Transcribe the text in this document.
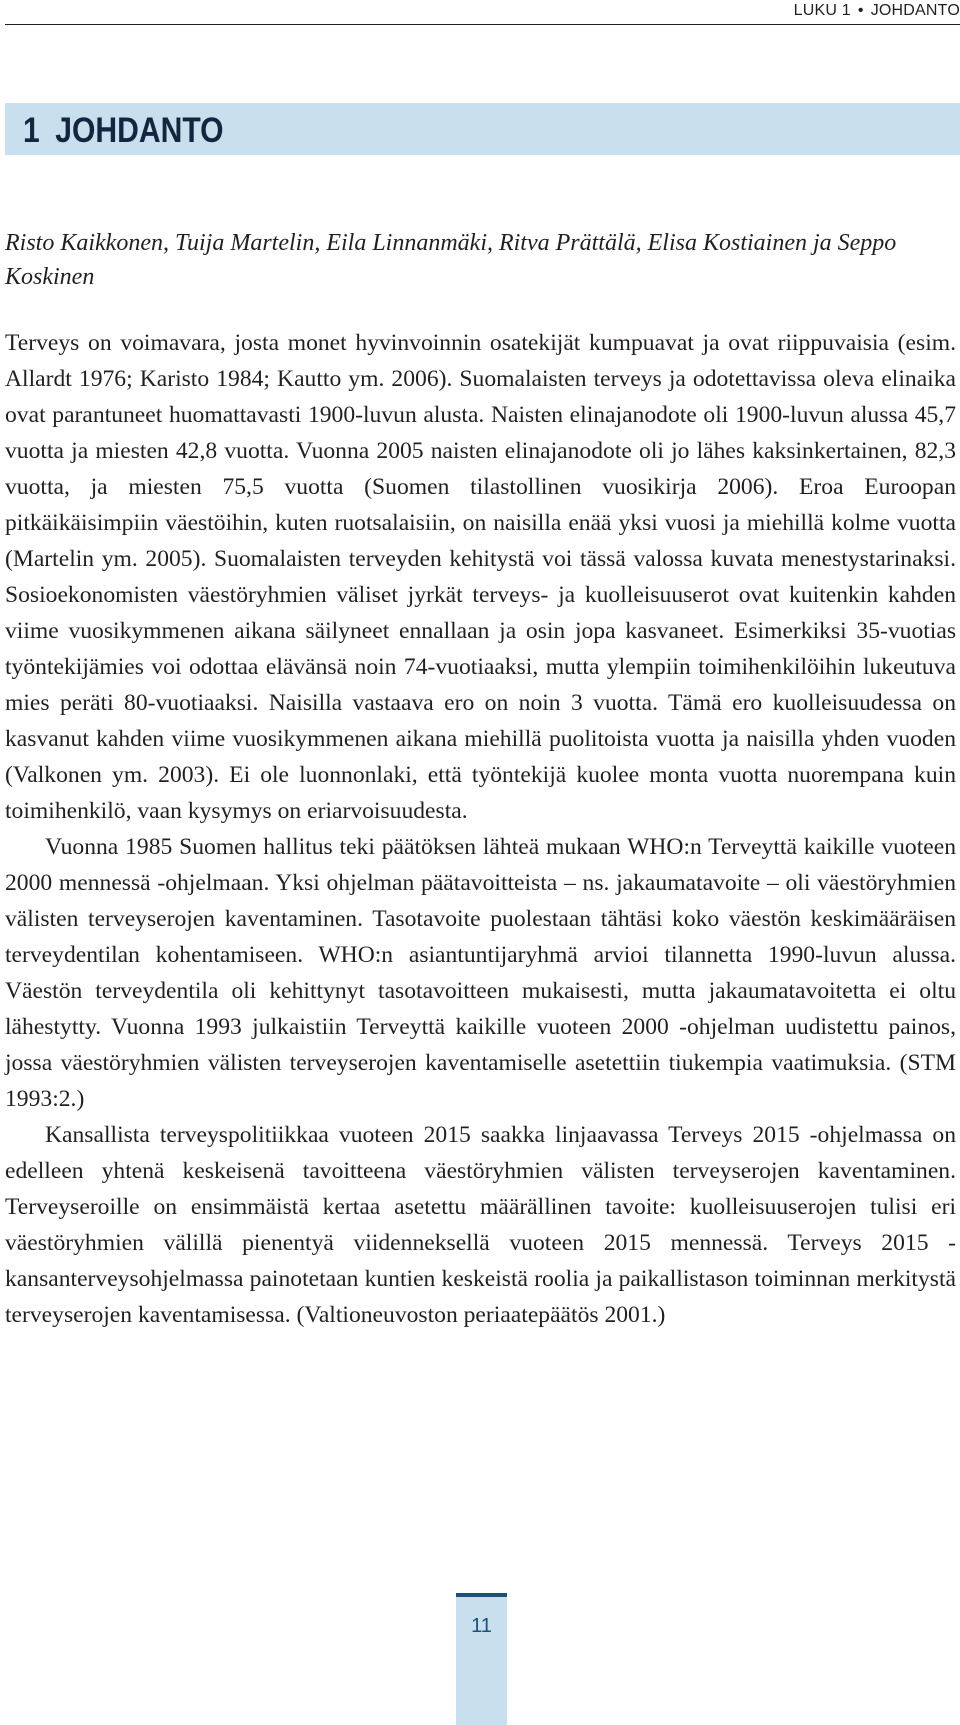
LUKU 1 • JOHDANTO
1 JOHDANTO
Risto Kaikkonen, Tuija Martelin, Eila Linnanmäki, Ritva Prättälä, Elisa Kostiainen ja Seppo Koskinen

Terveys on voimavara, josta monet hyvinvoinnin osatekijät kumpuavat ja ovat riippuvaisia (esim. Allardt 1976; Karisto 1984; Kautto ym. 2006). Suomalaisten terveys ja odotettavissa oleva elinaika ovat parantuneet huomattavasti 1900-luvun alusta. Naisten elinajanodote oli 1900-luvun alussa 45,7 vuotta ja miesten 42,8 vuotta. Vuonna 2005 naisten elinajanodote oli jo lähes kaksinkertainen, 82,3 vuotta, ja miesten 75,5 vuotta (Suomen tilastollinen vuosikirja 2006). Eroa Euroopan pitkäikäisimpiin väestöihin, kuten ruotsalaisiin, on naisilla enää yksi vuosi ja miehillä kolme vuotta (Martelin ym. 2005). Suomalaisten terveyden kehitystä voi tässä valossa kuvata menestystarinaksi. Sosioekonomisten väestöryhmien väliset jyrkät terveys- ja kuolleisuuserot ovat kuitenkin kahden viime vuosikymmenen aikana säilyneet ennallaan ja osin jopa kasvaneet. Esimerkiksi 35-vuotias työntekijämies voi odottaa elävänsä noin 74-vuotiaaksi, mutta ylempiin toimihenkilöihin lukeutuva mies peräti 80-vuotiaaksi. Naisilla vastaava ero on noin 3 vuotta. Tämä ero kuolleisuudessa on kasvanut kahden viime vuosikymmenen aikana miehillä puolitoista vuotta ja naisilla yhden vuoden (Valkonen ym. 2003). Ei ole luonnonlaki, että työntekijä kuolee monta vuotta nuorempana kuin toimihenkilö, vaan kysymys on eriarvoisuudesta.

Vuonna 1985 Suomen hallitus teki päätöksen lähteä mukaan WHO:n Terveyttä kaikille vuoteen 2000 mennessä -ohjelmaan. Yksi ohjelman päätavoitteista – ns. jakaumatavoite – oli väestöryhmien välisten terveyserojen kaventaminen. Tasotavoite puolestaan tähtäsi koko väestön keskimääräisen terveydentilan kohentamiseen. WHO:n asiantuntijaryhmä arvioi tilannetta 1990-luvun alussa. Väestön terveydentila oli kehittynyt tasotavoitteen mukaisesti, mutta jakaumatavoitetta ei oltu lähestytty. Vuonna 1993 julkaistiin Terveyttä kaikille vuoteen 2000 -ohjelman uudistettu painos, jossa väestöryhmien välisten terveyserojen kaventamiselle asetettiin tiukempia vaatimuksia. (STM 1993:2.)

Kansallista terveyspolitiikkaa vuoteen 2015 saakka linjaavassa Terveys 2015 -ohjelmassa on edelleen yhtenä keskeisenä tavoitteena väestöryhmien välisten terveyserojen kaventaminen. Terveyseroille on ensimmäistä kertaa asetettu määrällinen tavoite: kuolleisuuserojen tulisi eri väestöryhmien välillä pienentyä viidenneksellä vuoteen 2015 mennessä. Terveys 2015 -kansanterveysohjelmassa painotetaan kuntien keskeistä roolia ja paikallistason toiminnan merkitystä terveyserojen kaventamisessa. (Valtioneuvoston periaatepäätös 2001.)

11
